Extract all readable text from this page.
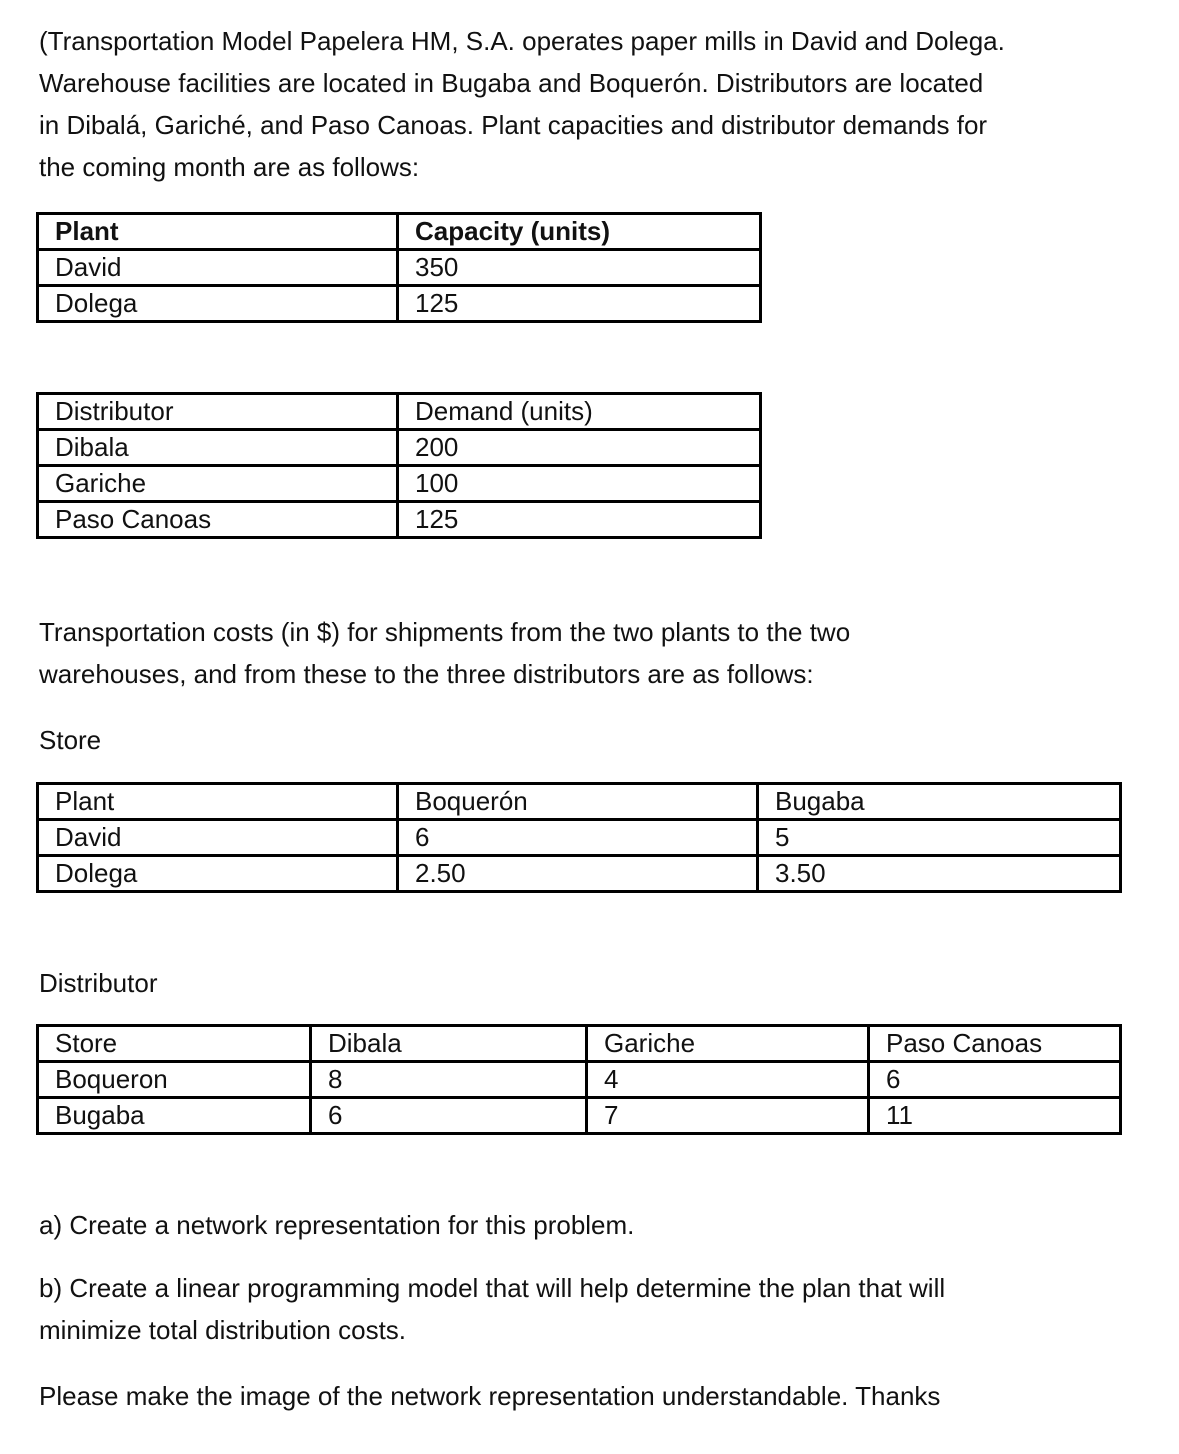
(Transportation Model Papelera HM, S.A. operates paper mills in David and Dolega.
Warehouse facilities are located in Bugaba and Boquerón. Distributors are located
in Dibalá, Gariché, and Paso Canoas. Plant capacities and distributor demands for
the coming month are as follows:

Plant	Capacity (units)
David	350
Dolega	125
Distributor	Demand (units)
Dibala	200
Gariche	100
Paso Canoas	125

Transportation costs (in $) for shipments from the two plants to the two
warehouses, and from these to the three distributors are as follows:

Store

Plant	Boquerón	Bugaba
David	6	5
Dolega	2.50	3.50

Distributor

Store	Dibala	Gariche	Paso Canoas
Boqueron	8	4	6
Bugaba	6	7	11

a) Create a network representation for this problem.

b) Create a linear programming model that will help determine the plan that will
minimize total distribution costs.

Please make the image of the network representation understandable. Thanks
